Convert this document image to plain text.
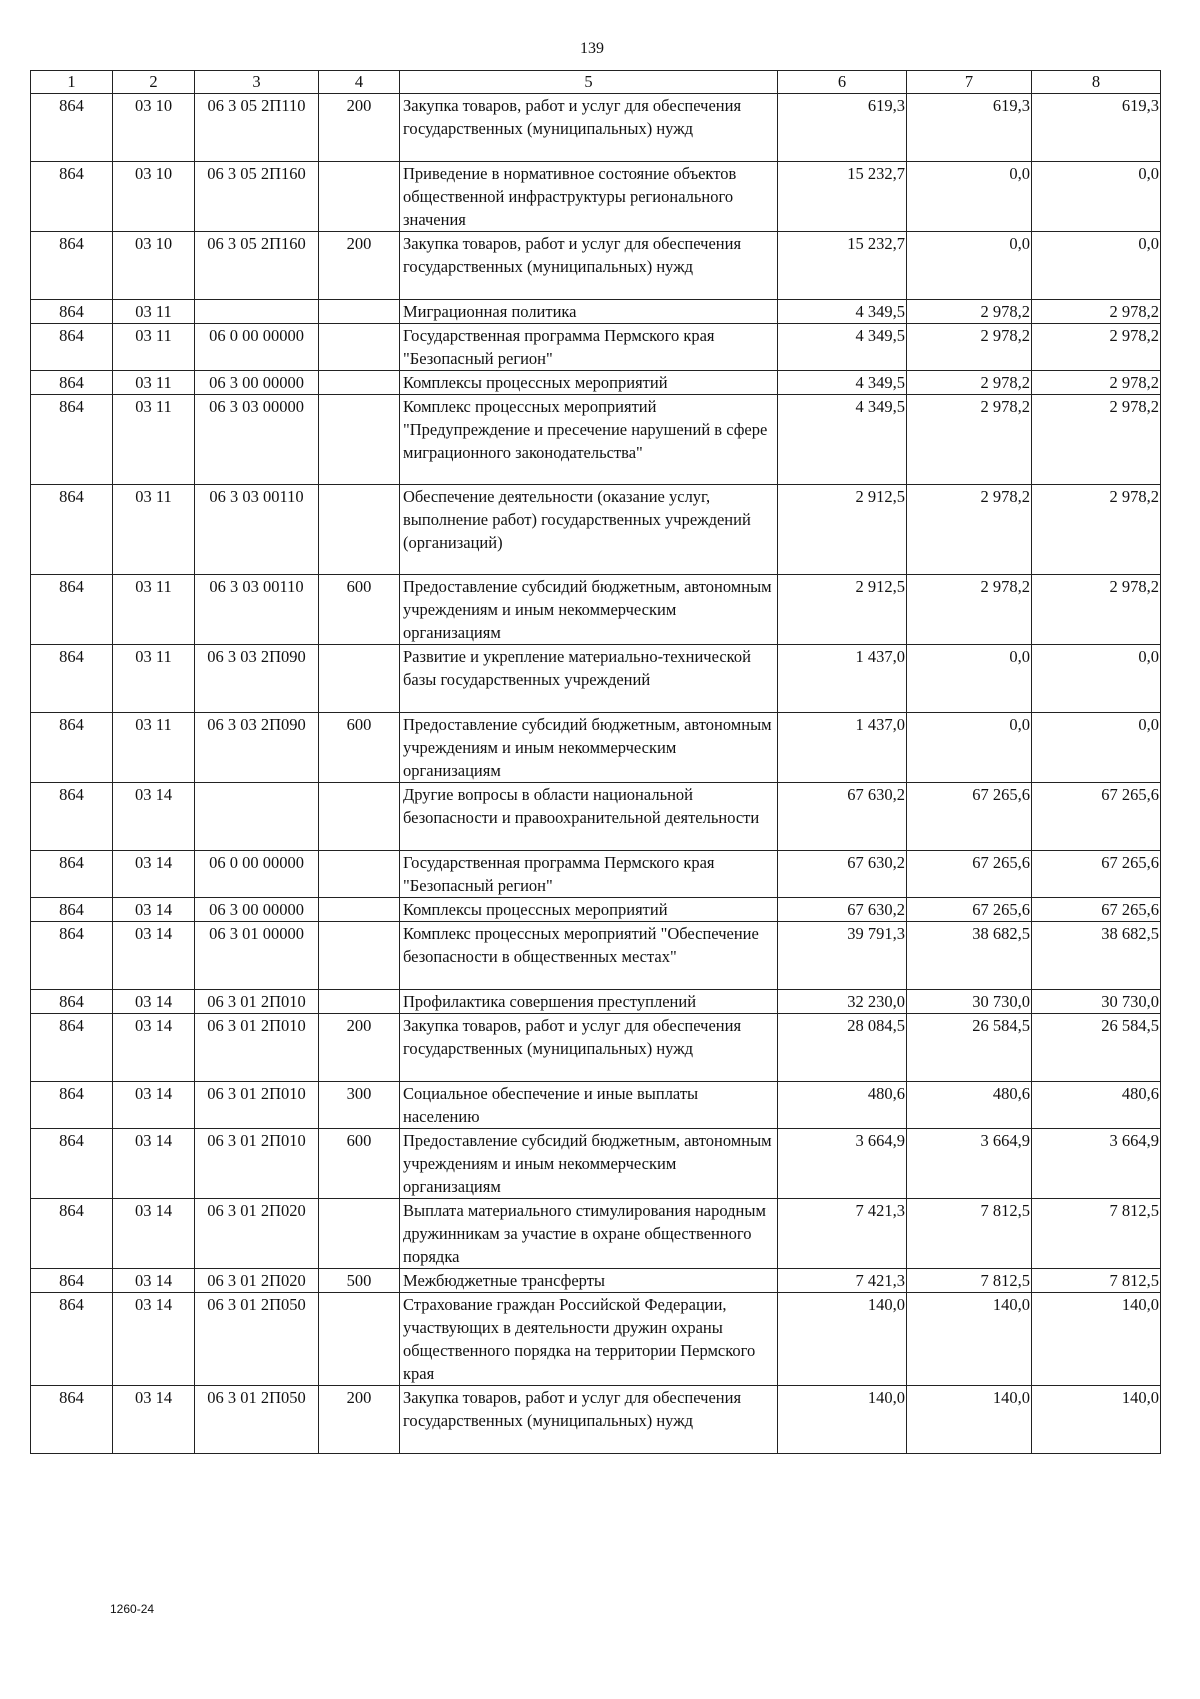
139
1	2	3	4	5	6	7	8
864	03 10	06 3 05 2П110	200	Закупка товаров, работ и услуг для обеспечения государственных (муниципальных) нужд	619,3	619,3	619,3
864	03 10	06 3 05 2П160		Приведение в нормативное состояние объектов общественной инфраструктуры регионального значения	15 232,7	0,0	0,0
864	03 10	06 3 05 2П160	200	Закупка товаров, работ и услуг для обеспечения государственных (муниципальных) нужд	15 232,7	0,0	0,0
864	03 11			Миграционная политика	4 349,5	2 978,2	2 978,2
864	03 11	06 0 00 00000		Государственная программа Пермского края "Безопасный регион"	4 349,5	2 978,2	2 978,2
864	03 11	06 3 00 00000		Комплексы процессных мероприятий	4 349,5	2 978,2	2 978,2
864	03 11	06 3 03 00000		Комплекс процессных мероприятий "Предупреждение и пресечение нарушений в сфере миграционного законодательства"	4 349,5	2 978,2	2 978,2
864	03 11	06 3 03 00110		Обеспечение деятельности (оказание услуг, выполнение работ) государственных учреждений (организаций)	2 912,5	2 978,2	2 978,2
864	03 11	06 3 03 00110	600	Предоставление субсидий бюджетным, автономным учреждениям и иным некоммерческим организациям	2 912,5	2 978,2	2 978,2
864	03 11	06 3 03 2П090		Развитие и укрепление материально-технической базы государственных учреждений	1 437,0	0,0	0,0
864	03 11	06 3 03 2П090	600	Предоставление субсидий бюджетным, автономным учреждениям и иным некоммерческим организациям	1 437,0	0,0	0,0
864	03 14			Другие вопросы в области национальной безопасности и правоохранительной деятельности	67 630,2	67 265,6	67 265,6
864	03 14	06 0 00 00000		Государственная программа Пермского края "Безопасный регион"	67 630,2	67 265,6	67 265,6
864	03 14	06 3 00 00000		Комплексы процессных мероприятий	67 630,2	67 265,6	67 265,6
864	03 14	06 3 01 00000		Комплекс процессных мероприятий "Обеспечение безопасности в общественных местах"	39 791,3	38 682,5	38 682,5
864	03 14	06 3 01 2П010		Профилактика совершения преступлений	32 230,0	30 730,0	30 730,0
864	03 14	06 3 01 2П010	200	Закупка товаров, работ и услуг для обеспечения государственных (муниципальных) нужд	28 084,5	26 584,5	26 584,5
864	03 14	06 3 01 2П010	300	Социальное обеспечение и иные выплаты населению	480,6	480,6	480,6
864	03 14	06 3 01 2П010	600	Предоставление субсидий бюджетным, автономным учреждениям и иным некоммерческим организациям	3 664,9	3 664,9	3 664,9
864	03 14	06 3 01 2П020		Выплата материального стимулирования народным дружинникам за участие в охране общественного порядка	7 421,3	7 812,5	7 812,5
864	03 14	06 3 01 2П020	500	Межбюджетные трансферты	7 421,3	7 812,5	7 812,5
864	03 14	06 3 01 2П050		Страхование граждан Российской Федерации, участвующих в деятельности дружин охраны общественного порядка на территории Пермского края	140,0	140,0	140,0
864	03 14	06 3 01 2П050	200	Закупка товаров, работ и услуг для обеспечения государственных (муниципальных) нужд	140,0	140,0	140,0
1260-24
